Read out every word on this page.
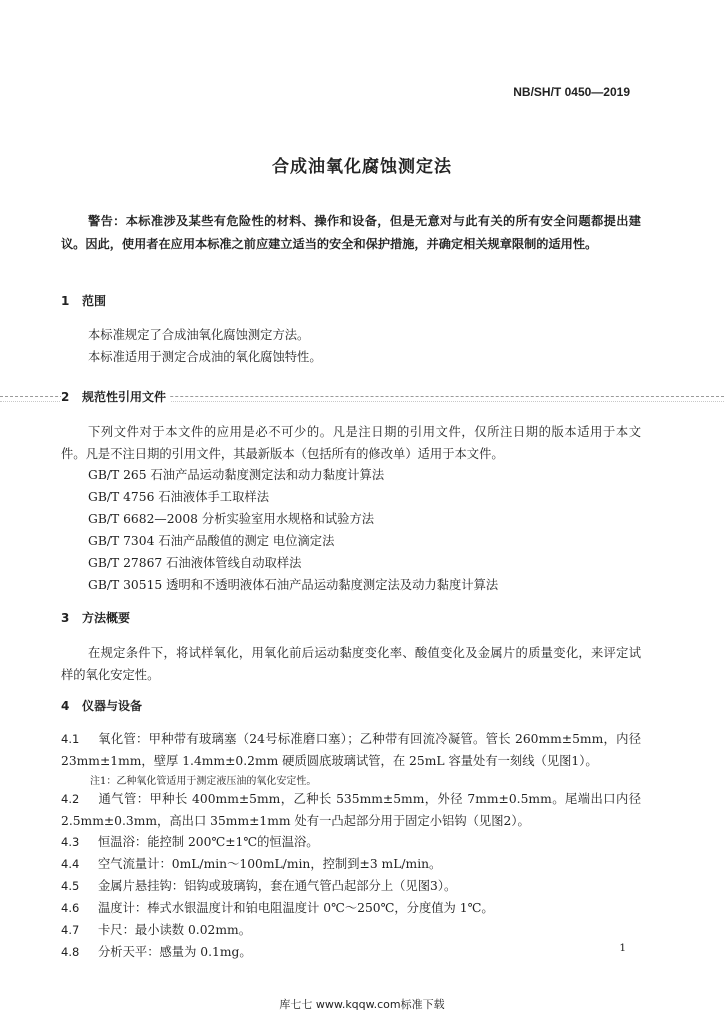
NB/SH/T 0450—2019
合成油氧化腐蚀测定法
警告：本标准涉及某些有危险性的材料、操作和设备，但是无意对与此有关的所有安全问题都提出建议。因此，使用者在应用本标准之前应建立适当的安全和保护措施，并确定相关规章限制的适用性。
1 范围
本标准规定了合成油氧化腐蚀测定方法。
本标准适用于测定合成油的氧化腐蚀特性。
2 规范性引用文件
下列文件对于本文件的应用是必不可少的。凡是注日期的引用文件，仅所注日期的版本适用于本文件。凡是不注日期的引用文件，其最新版本（包括所有的修改单）适用于本文件。
GB/T 265 石油产品运动黏度测定法和动力黏度计算法
GB/T 4756 石油液体手工取样法
GB/T 6682—2008 分析实验室用水规格和试验方法
GB/T 7304 石油产品酸值的测定 电位滴定法
GB/T 27867 石油液体管线自动取样法
GB/T 30515 透明和不透明液体石油产品运动黏度测定法及动力黏度计算法
3 方法概要
在规定条件下，将试样氧化，用氧化前后运动黏度变化率、酸值变化及金属片的质量变化，来评定试样的氧化安定性。
4 仪器与设备
4.1 氧化管：甲种带有玻璃塞（24号标准磨口塞）；乙种带有回流冷凝管。管长 260mm±5mm，内径 23mm±1mm，壁厚 1.4mm±0.2mm 硬质圆底玻璃试管，在 25mL 容量处有一刻线（见图1）。
注1：乙种氧化管适用于测定液压油的氧化安定性。
4.2 通气管：甲种长 400mm±5mm，乙种长 535mm±5mm，外径 7mm±0.5mm。尾端出口内径 2.5mm±0.3mm，高出口 35mm±1mm 处有一凸起部分用于固定小铝钩（见图2）。
4.3 恒温浴：能控制 200℃±1℃的恒温浴。
4.4 空气流量计：0mL/min～100mL/min，控制到±3 mL/min。
4.5 金属片悬挂钩：铝钩或玻璃钩，套在通气管凸起部分上（见图3）。
4.6 温度计：棒式水银温度计和铂电阻温度计 0℃～250℃，分度值为 1℃。
4.7 卡尺：最小读数 0.02mm。
4.8 分析天平：感量为 0.1mg。	1
库七七 www.kqqw.com标准下载
